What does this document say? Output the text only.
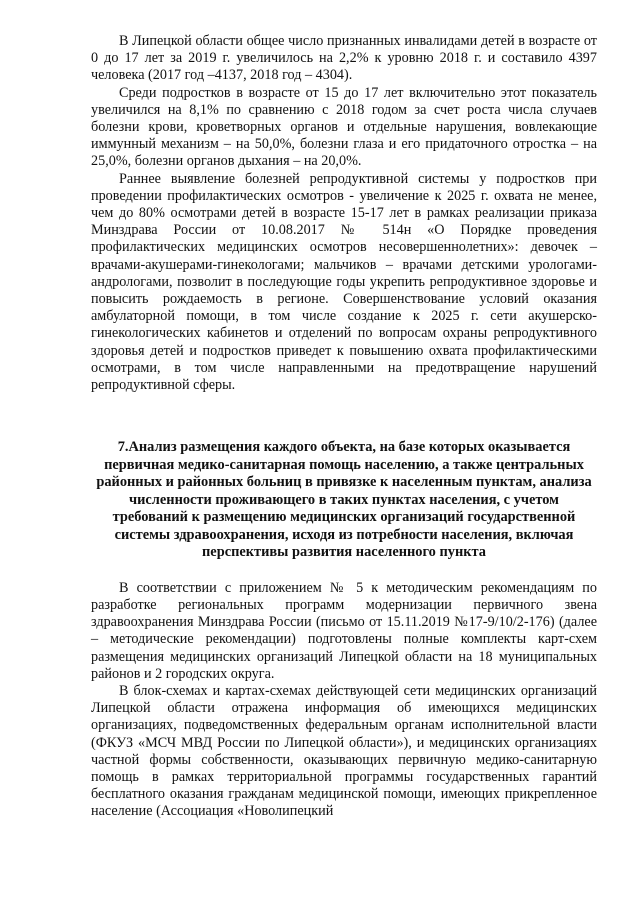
В Липецкой области общее число признанных инвалидами детей в возрасте от 0 до 17 лет за 2019 г. увеличилось на 2,2% к уровню 2018 г. и составило 4397 человека (2017 год –4137, 2018 год – 4304).

Среди подростков в возрасте от 15 до 17 лет включительно этот показатель увеличился на 8,1% по сравнению с 2018 годом за счет роста числа случаев болезни крови, кроветворных органов и отдельные нарушения, вовлекающие иммунный механизм – на 50,0%, болезни глаза и его придаточного отростка – на 25,0%, болезни органов дыхания – на 20,0%.

Раннее выявление болезней репродуктивной системы у подростков при проведении профилактических осмотров - увеличение к 2025 г. охвата не менее, чем до 80% осмотрами детей в возрасте 15-17 лет в рамках реализации приказа Минздрава России от 10.08.2017 № 514н «О Порядке проведения профилактических медицинских осмотров несовершеннолетних»: девочек – врачами-акушерами-гинекологами; мальчиков – врачами детскими урологами-андрологами, позволит в последующие годы укрепить репродуктивное здоровье и повысить рождаемость в регионе. Совершенствование условий оказания амбулаторной помощи, в том числе создание к 2025 г. сети акушерско-гинекологических кабинетов и отделений по вопросам охраны репродуктивного здоровья детей и подростков приведет к повышению охвата профилактическими осмотрами, в том числе направленными на предотвращение нарушений репродуктивной сферы.

7.Анализ размещения каждого объекта, на базе которых оказывается первичная медико-санитарная помощь населению, а также центральных районных и районных больниц в привязке к населенным пунктам, анализа численности проживающего в таких пунктах населения, с учетом требований к размещению медицинских организаций государственной системы здравоохранения, исходя из потребности населения, включая перспективы развития населенного пункта

В соответствии с приложением № 5 к методическим рекомендациям по разработке региональных программ модернизации первичного звена здравоохранения Минздрава России (письмо от 15.11.2019 №17-9/10/2-176) (далее – методические рекомендации) подготовлены полные комплекты карт-схем размещения медицинских организаций Липецкой области на 18 муниципальных районов и 2 городских округа.

В блок-схемах и картах-схемах действующей сети медицинских организаций Липецкой области отражена информация об имеющихся медицинских организациях, подведомственных федеральным органам исполнительной власти (ФКУЗ «МСЧ МВД России по Липецкой области»), и медицинских организациях частной формы собственности, оказывающих первичную медико-санитарную помощь в рамках территориальной программы государственных гарантий бесплатного оказания гражданам медицинской помощи, имеющих прикрепленное население (Ассоциация «Новолипецкий
